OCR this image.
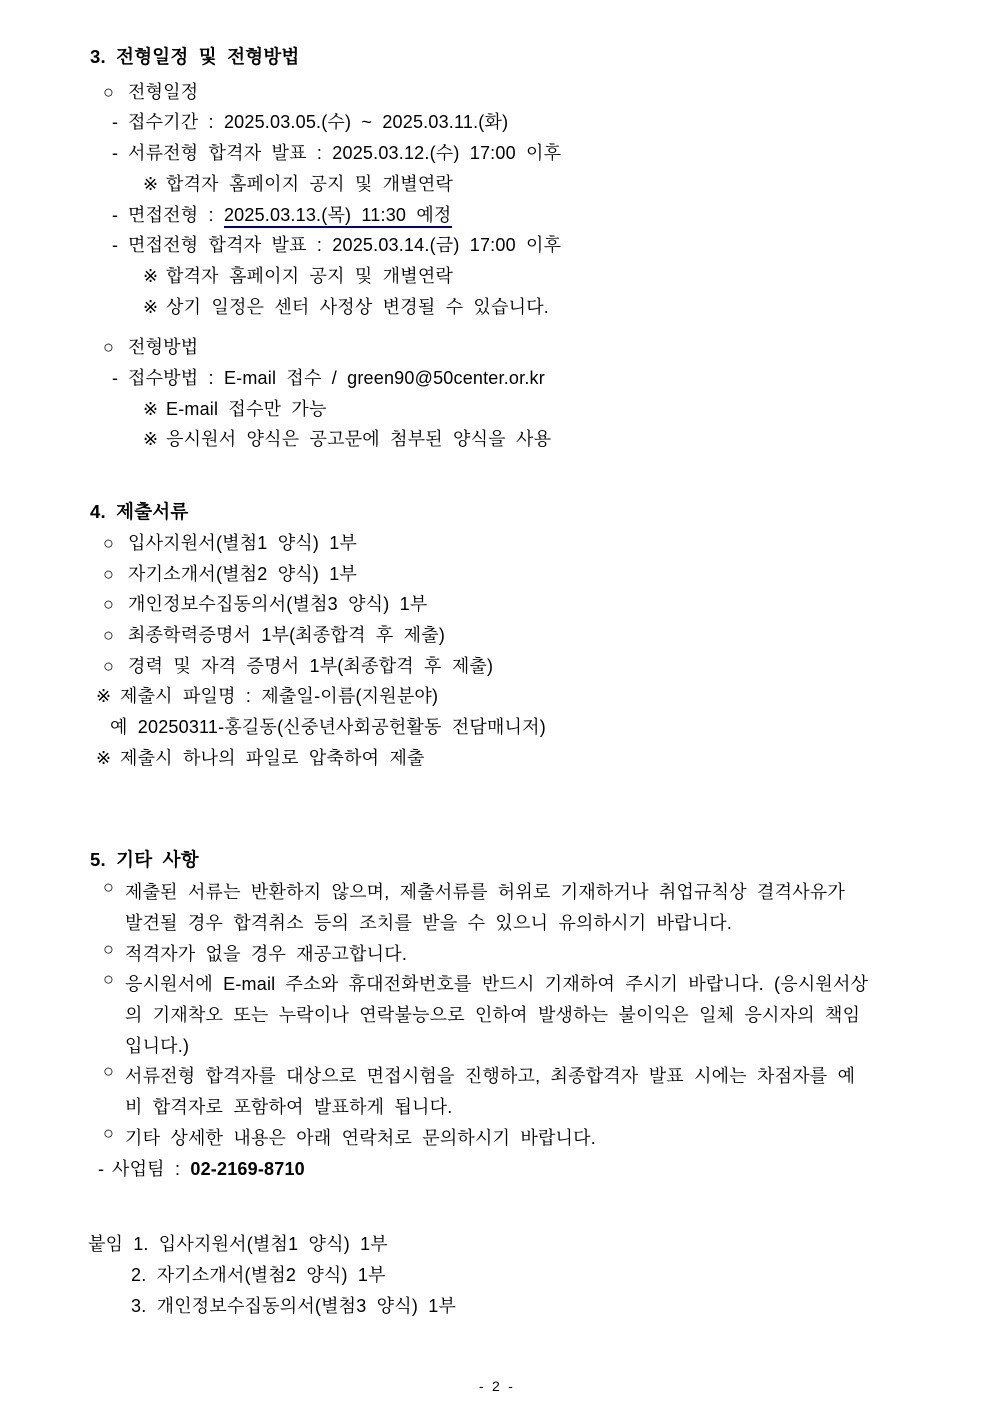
3. 전형일정 및 전형방법
○ 전형일정
- 접수기간 : 2025.03.05.(수) ~ 2025.03.11.(화)
- 서류전형 합격자 발표 : 2025.03.12.(수) 17:00 이후
※ 합격자 홈페이지 공지 및 개별연락
- 면접전형 : 2025.03.13.(목) 11:30 예정
- 면접전형 합격자 발표 : 2025.03.14.(금) 17:00 이후
※ 합격자 홈페이지 공지 및 개별연락
※ 상기 일정은 센터 사정상 변경될 수 있습니다.
○ 전형방법
- 접수방법 : E-mail 접수 / green90@50center.or.kr
※ E-mail 접수만 가능
※ 응시원서 양식은 공고문에 첨부된 양식을 사용
4. 제출서류
○ 입사지원서(별첨1 양식) 1부
○ 자기소개서(별첨2 양식) 1부
○ 개인정보수집동의서(별첨3 양식) 1부
○ 최종학력증명서 1부(최종합격 후 제출)
○ 경력 및 자격 증명서 1부(최종합격 후 제출)
※ 제출시 파일명 : 제출일-이름(지원분야)
예 20250311-홍길동(신중년사회공헌활동 전담매니저)
※ 제출시 하나의 파일로 압축하여 제출
5. 기타 사항
○ 제출된 서류는 반환하지 않으며, 제출서류를 허위로 기재하거나 취업규칙상 결격사유가
발견될 경우 합격취소 등의 조치를 받을 수 있으니 유의하시기 바랍니다.
○ 적격자가 없을 경우 재공고합니다.
○ 응시원서에 E-mail 주소와 휴대전화번호를 반드시 기재하여 주시기 바랍니다. (응시원서상
의 기재착오 또는 누락이나 연락불능으로 인하여 발생하는 불이익은 일체 응시자의 책임
입니다.)
○ 서류전형 합격자를 대상으로 면접시험을 진행하고, 최종합격자 발표 시에는 차점자를 예
비 합격자로 포함하여 발표하게 됩니다.
○ 기타 상세한 내용은 아래 연락처로 문의하시기 바랍니다.
- 사업팀 : 02-2169-8710
붙임 1. 입사지원서(별첨1 양식) 1부
2. 자기소개서(별첨2 양식) 1부
3. 개인정보수집동의서(별첨3 양식) 1부
- 2 -
